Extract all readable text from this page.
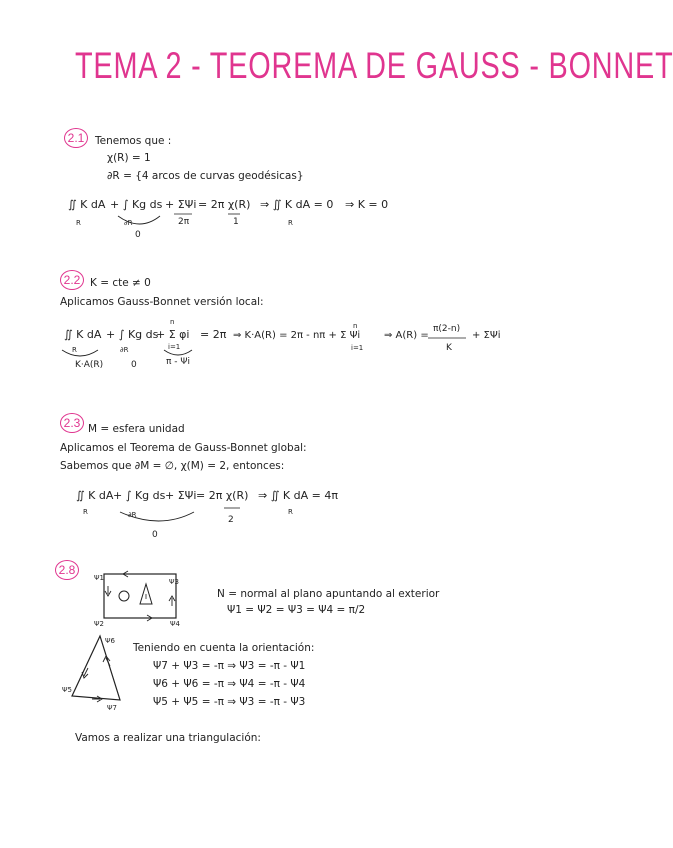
TEMA 2 - TEOREMA DE GAUSS - BONNET
2.1	Tenemos que :
χ(R) = 1
∂R = {4 arcos de curvas geodésicas}
∬ K dA
R
+ ∫ Kg ds
∂R
0
+ ΣΨi
2π
= 2π χ(R)
1
⇒ ∬ K dA = 0
R
⇒ K = 0
2.2 K = cte ≠ 0
Aplicamos Gauss-Bonnet versión local:
∬ K dA
R
K·A(R)
+ ∫ Kg ds
∂R
0
+ Σ φi
n
i=1
π - Ψi
= 2π ⇒ K·A(R) = 2π - nπ + Σ Ψi
n
i=1
⇒ A(R) =
π(2-n)
K
+ ΣΨi
2.3 M = esfera unidad
Aplicamos el Teorema de Gauss-Bonnet global:
Sabemos que ∂M = ∅, χ(M) = 2, entonces:
∬ K dA
R
+ ∫ Kg ds
∂R
0
+ ΣΨi = 2π χ(R)
2
⇒ ∬ K dA = 4π
R
2.8
Ψ1	Ψ3
Ψ2	Ψ4
N = normal al plano apuntando al exterior
Ψ1 = Ψ2 = Ψ3 = Ψ4 = π/2
Ψ6
Ψ5
Ψ7
Teniendo en cuenta la orientación:
Ψ7 + Ψ3 = -π ⇒ Ψ3 = -π - Ψ1
Ψ6 + Ψ6 = -π ⇒ Ψ4 = -π - Ψ4
Ψ5 + Ψ5 = -π ⇒ Ψ3 = -π - Ψ3
Vamos a realizar una triangulación:
